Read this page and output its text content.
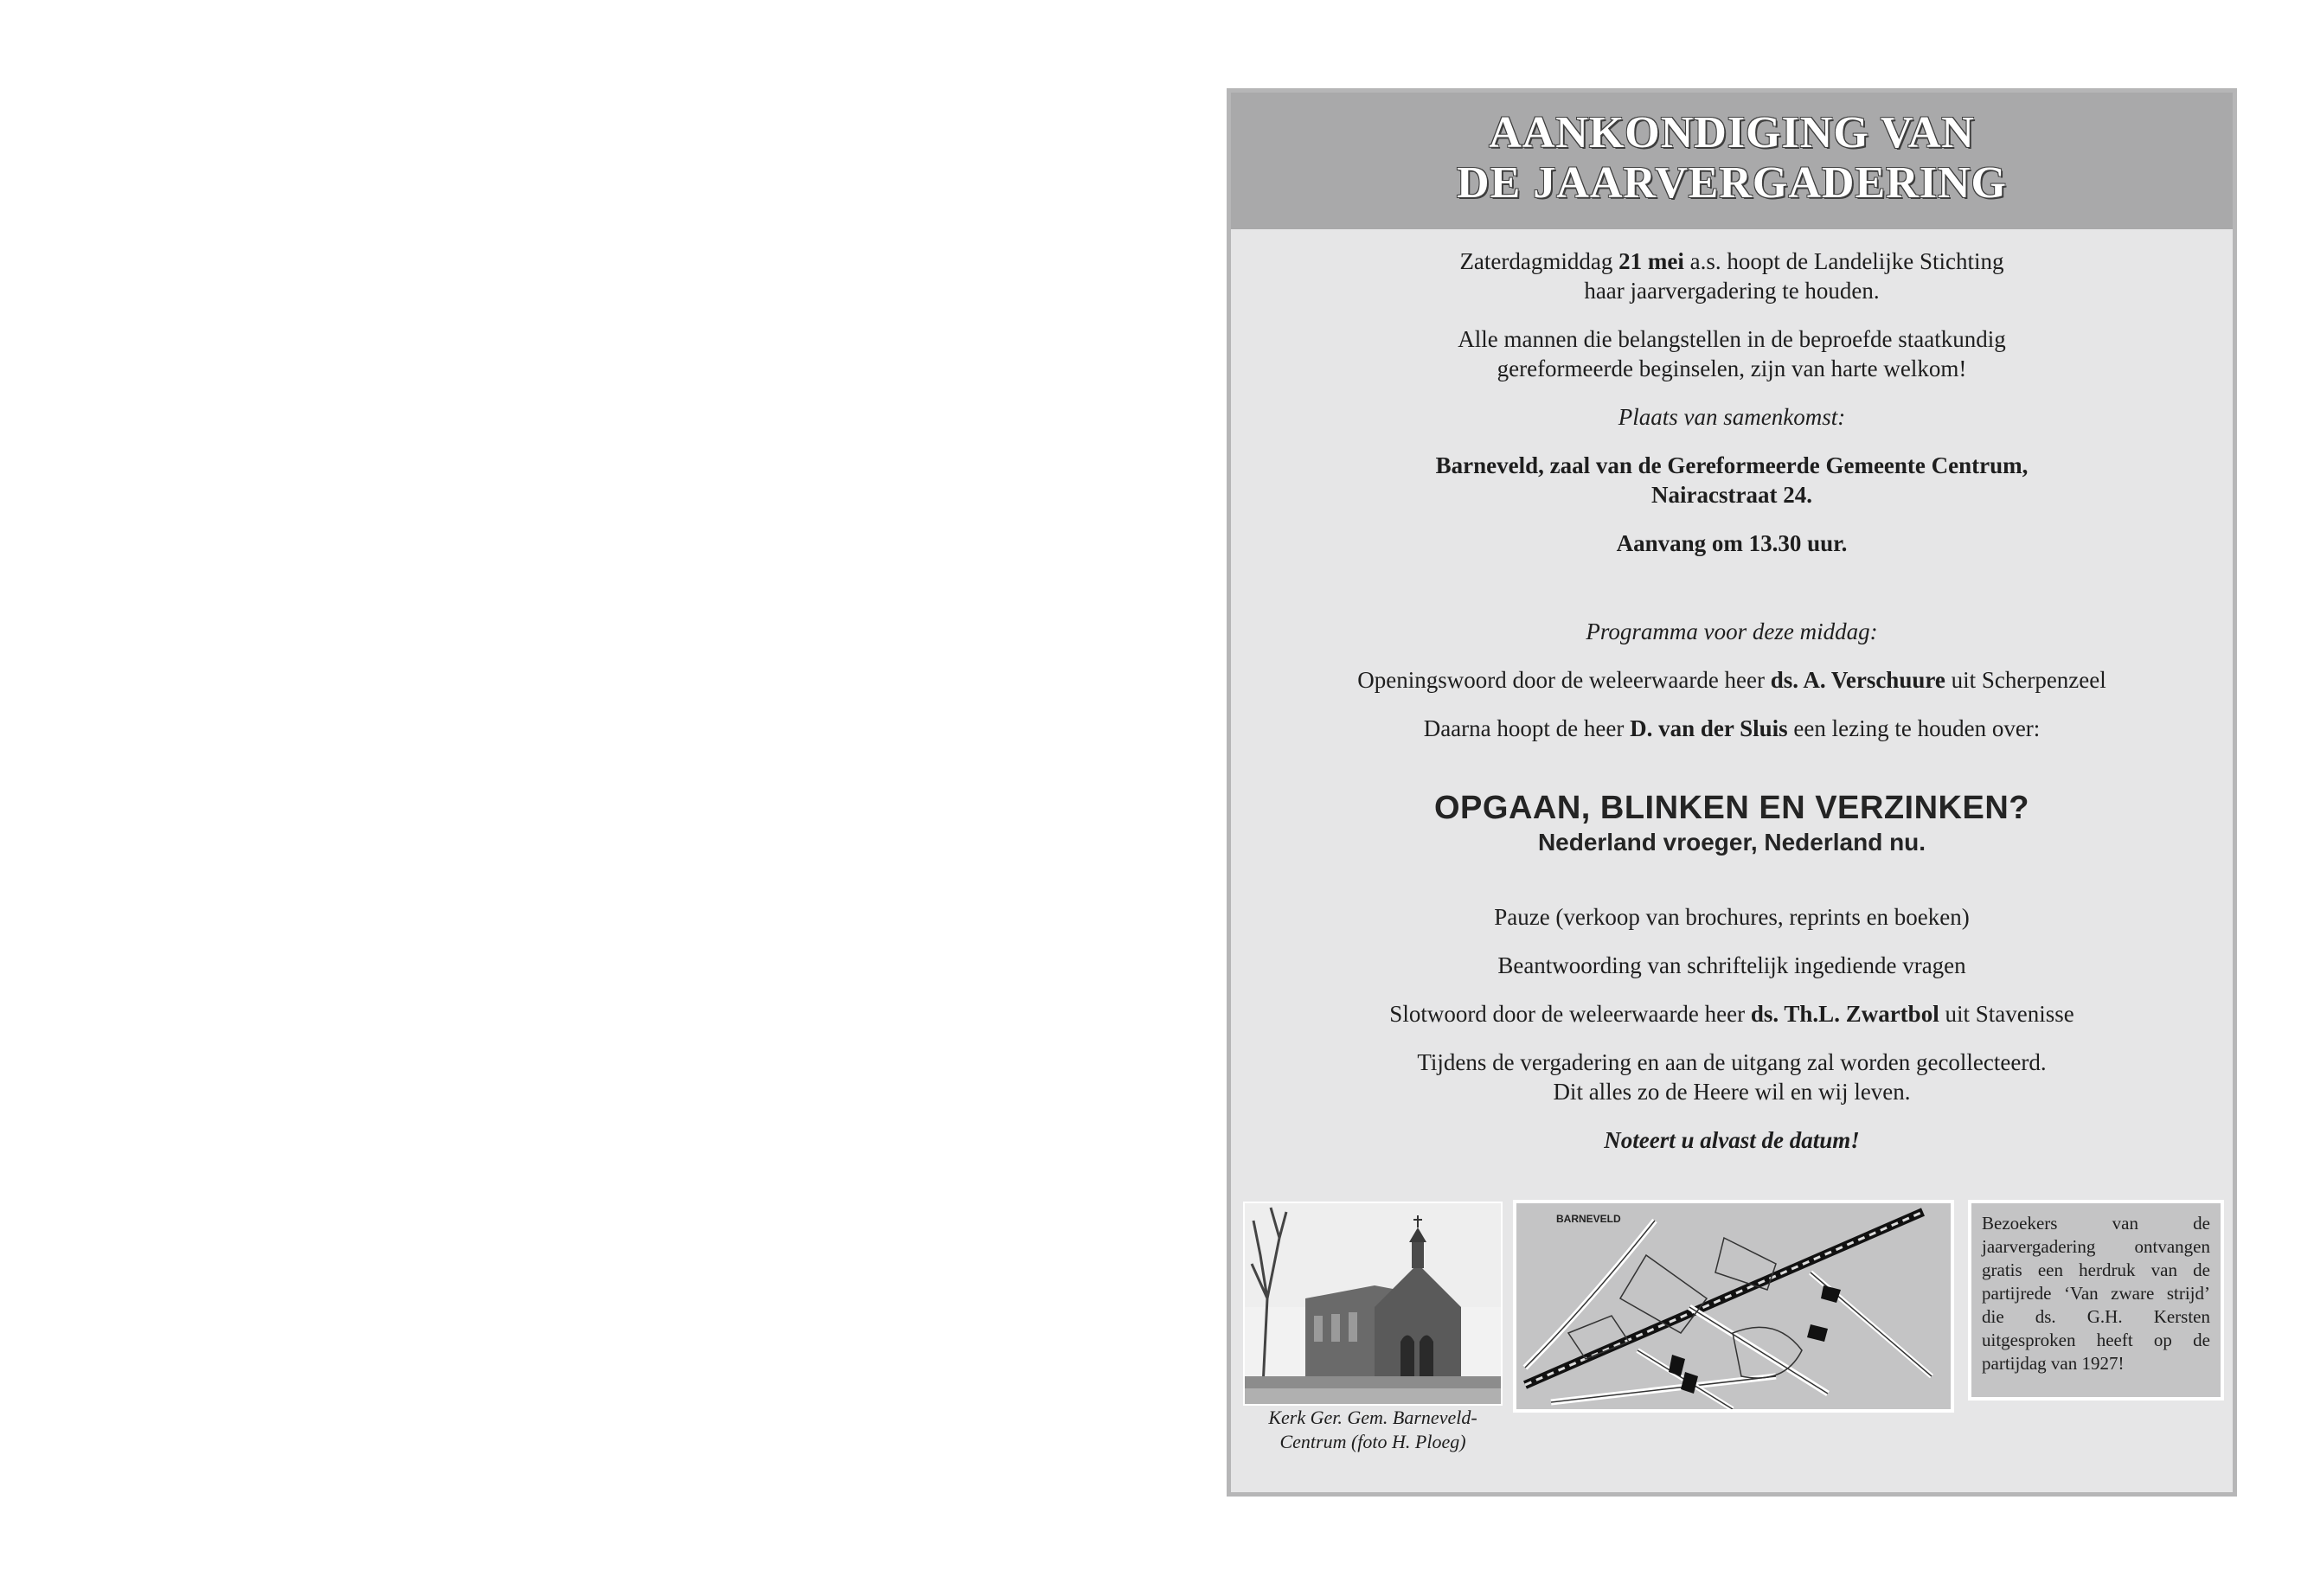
AANKONDIGING VAN
DE JAARVERGADERING

Zaterdagmiddag 21 mei a.s. hoopt de Landelijke Stichting
haar jaarvergadering te houden.

Alle mannen die belangstellen in de beproefde staatkundig
gereformeerde beginselen, zijn van harte welkom!

Plaats van samenkomst:

Barneveld, zaal van de Gereformeerde Gemeente Centrum,
Nairacstraat 24.

Aanvang om 13.30 uur.

Programma voor deze middag:

Openingswoord door de weleerwaarde heer ds. A. Verschuure uit Scherpenzeel

Daarna hoopt de heer D. van der Sluis een lezing te houden over:

OPGAAN, BLINKEN EN VERZINKEN?

Nederland vroeger, Nederland nu.

Pauze (verkoop van brochures, reprints en boeken)

Beantwoording van schriftelijk ingediende vragen

Slotwoord door de weleerwaarde heer ds. Th.L. Zwartbol uit Stavenisse

Tijdens de vergadering en aan de uitgang zal worden gecollecteerd.
Dit alles zo de Heere wil en wij leven.

Noteert u alvast de datum!

Kerk Ger. Gem. Barneveld-
Centrum (foto H. Ploeg)
BARNEVELD	Bezoekers van de jaarvergadering ontvangen gratis een herdruk van de partijrede ‘Van zware strijd’ die ds. G.H. Kersten uitgesproken heeft op de partijdag van 1927!
